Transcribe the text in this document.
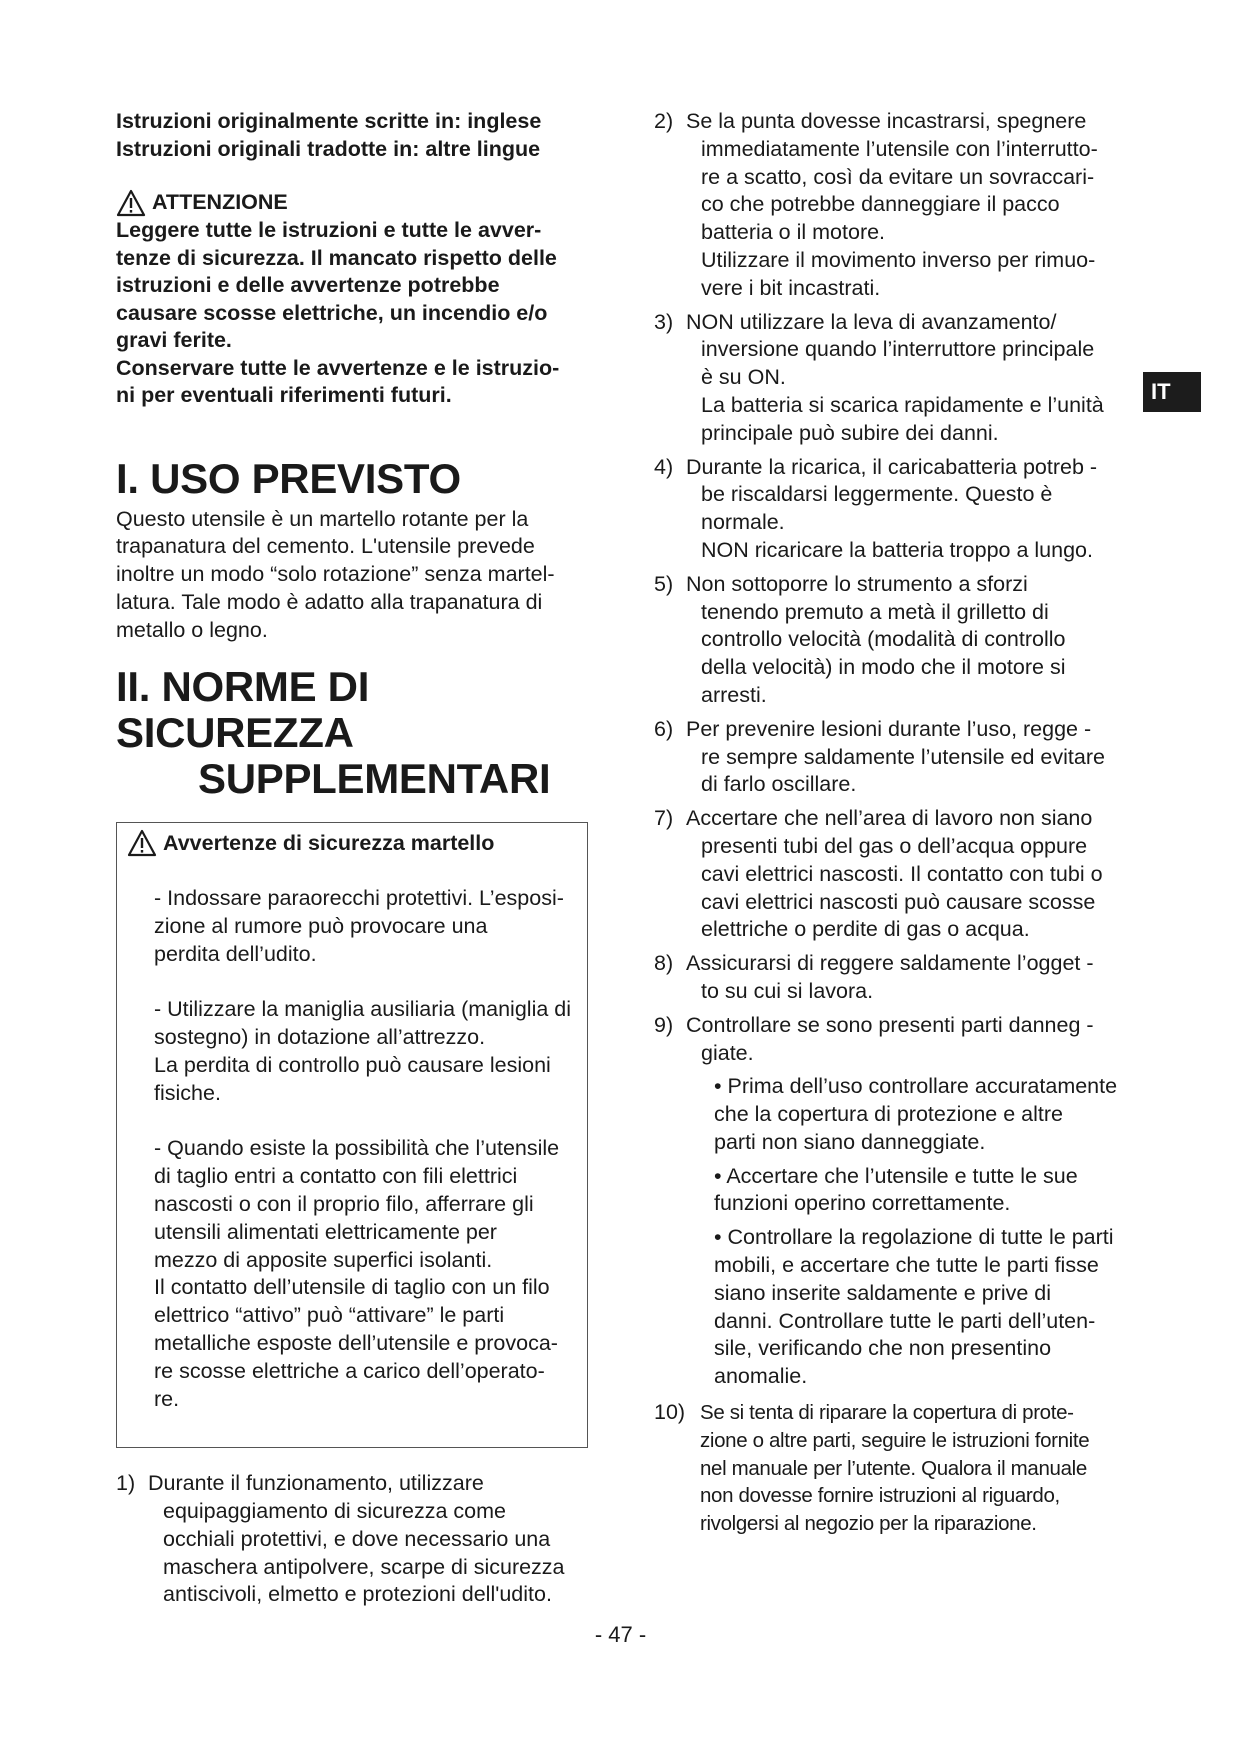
Istruzioni originalmente scritte in: inglese
Istruzioni originali tradotte in: altre lingue
ATTENZIONE
Leggere tutte le istruzioni e tutte le avver-
tenze di sicurezza. Il mancato rispetto delle
istruzioni e delle avvertenze potrebbe
causare scosse elettriche, un incendio e/o
gravi ferite.
Conservare tutte le avvertenze e le istruzio-
ni per eventuali riferimenti futuri.
I. USO PREVISTO

Questo utensile è un martello rotante per la
trapanatura del cemento. L'utensile prevede
inoltre un modo “solo rotazione” senza martel-
latura. Tale modo è adatto alla trapanatura di
metallo o legno.

II. NORME DI SICUREZZA
SUPPLEMENTARI
Avvertenze di sicurezza martello

- Indossare paraorecchi protettivi. L’esposi-
zione al rumore può provocare una
perdita dell’udito.

- Utilizzare la maniglia ausiliaria (maniglia di
sostegno) in dotazione all’attrezzo.
La perdita di controllo può causare lesioni
fisiche.

- Quando esiste la possibilità che l’utensile
di taglio entri a contatto con fili elettrici
nascosti o con il proprio filo, afferrare gli
utensili alimentati elettricamente per
mezzo di apposite superfici isolanti.
Il contatto dell’utensile di taglio con un filo
elettrico “attivo” può “attivare” le parti
metalliche esposte dell’utensile e provoca-
re scosse elettriche a carico dell’operato-
re.

1) Durante il funzionamento, utilizzare
equipaggiamento di sicurezza come
occhiali protettivi, e dove necessario una
maschera antipolvere, scarpe di sicurezza
antiscivoli, elmetto e protezioni dell'udito.
2) Se la punta dovesse incastrarsi, spegnere
immediatamente l’utensile con l’interrutto-
re a scatto, così da evitare un sovraccari-
co che potrebbe danneggiare il pacco
batteria o il motore.
Utilizzare il movimento inverso per rimuo-
vere i bit incastrati.
3) NON utilizzare la leva di avanzamento/
inversione quando l’interruttore principale
è su ON.
La batteria si scarica rapidamente e l’unità
principale può subire dei danni.
4) Durante la ricarica, il caricabatteria potreb -
be riscaldarsi leggermente. Questo è
normale.
NON ricaricare la batteria troppo a lungo.
5) Non sottoporre lo strumento a sforzi
tenendo premuto a metà il grilletto di
controllo velocità (modalità di controllo
della velocità) in modo che il motore si
arresti.
6) Per prevenire lesioni durante l’uso, regge -
re sempre saldamente l’utensile ed evitare
di farlo oscillare.
7) Accertare che nell’area di lavoro non siano
presenti tubi del gas o dell’acqua oppure
cavi elettrici nascosti. Il contatto con tubi o
cavi elettrici nascosti può causare scosse
elettriche o perdite di gas o acqua.
8) Assicurarsi di reggere saldamente l’ogget -
to su cui si lavora.
9) Controllare se sono presenti parti danneg -
giate.
• Prima dell’uso controllare accuratamente
che la copertura di protezione e altre
parti non siano danneggiate.
• Accertare che l’utensile e tutte le sue
funzioni operino correttamente.
• Controllare la regolazione di tutte le parti
mobili, e accertare che tutte le parti fisse
siano inserite saldamente e prive di
danni. Controllare tutte le parti dell’uten-
sile, verificando che non presentino
anomalie.
10) Se si tenta di riparare la copertura di prote-
zione o altre parti, seguire le istruzioni fornite
nel manuale per l’utente. Qualora il manuale
non dovesse fornire istruzioni al riguardo,
rivolgersi al negozio per la riparazione.
IT
- 47 -
